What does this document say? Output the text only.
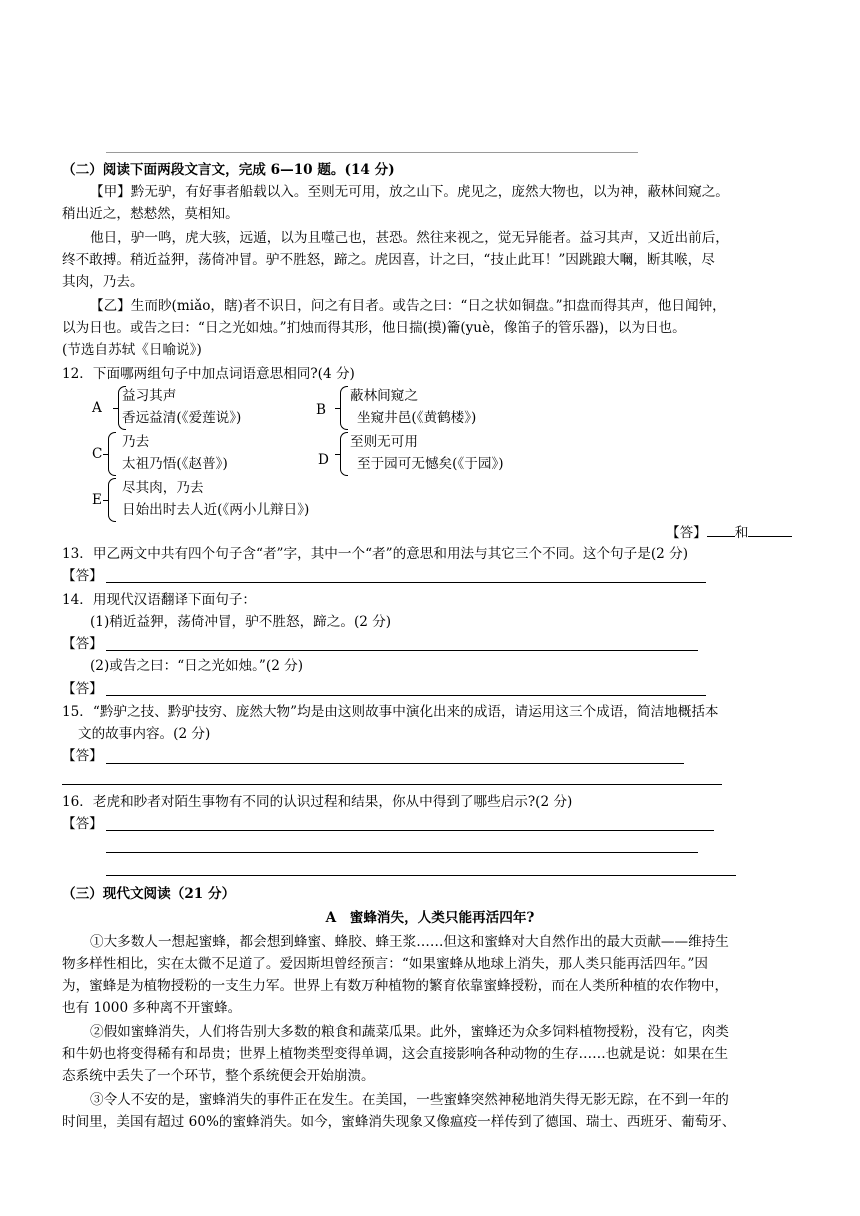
（二）阅读下面两段文言文，完成 6—10 题。(14 分)
【甲】黔无驴，有好事者船载以入。至则无可用，放之山下。虎见之，庞然大物也，以为神，蔽林间窥之。
稍出近之，慭慭然，莫相知。
他日，驴一鸣，虎大骇，远遁，以为且噬己也，甚恐。然往来视之，觉无异能者。益习其声，又近出前后，
终不敢搏。稍近益狎，荡倚冲冒。驴不胜怒，蹄之。虎因喜，计之曰，“技止此耳！”因跳踉大㘎，断其喉，尽
其肉，乃去。
【乙】生而眇(miǎo，瞎)者不识日，问之有目者。或告之曰：“日之状如铜盘。”扣盘而得其声，他日闻钟，
以为日也。或告之曰：“日之光如烛。”扪烛而得其形，他日揣(摸)籥(yuè，像笛子的管乐器)，以为日也。
(节选自苏轼《日喻说》)
12．下面哪两组句子中加点词语意思相同?(4 分)
A
益习其声
香远益清(《爱莲说》)	B
蔽林间窥之
坐窥井邑(《黄鹤楼》)
C
乃去
太祖乃悟(《赵普》)	D
至则无可用
至于园可无憾矣(《于园》)
E
尽其肉，乃去
日始出时去人近(《两小儿辩日》)
【答】 和
13．甲乙两文中共有四个句子含“者”字，其中一个“者”的意思和用法与其它三个不同。这个句子是(2 分)
【答】
14．用现代汉语翻译下面句子：
(1)稍近益狎，荡倚冲冒，驴不胜怒，蹄之。(2 分)
【答】
(2)或告之曰：“日之光如烛。”(2 分)
【答】
15．“黔驴之技、黔驴技穷、庞然大物”均是由这则故事中演化出来的成语，请运用这三个成语，简洁地概括本
文的故事内容。(2 分)
【答】
16．老虎和眇者对陌生事物有不同的认识过程和结果，你从中得到了哪些启示?(2 分)
【答】
（三）现代文阅读（21 分）
A　蜜蜂消失，人类只能再活四年?
①大多数人一想起蜜蜂，都会想到蜂蜜、蜂胶、蜂王浆……但这和蜜蜂对大自然作出的最大贡献——维持生
物多样性相比，实在太微不足道了。爱因斯坦曾经预言：“如果蜜蜂从地球上消失，那人类只能再活四年。”因
为，蜜蜂是为植物授粉的一支生力军。世界上有数万种植物的繁育依靠蜜蜂授粉，而在人类所种植的农作物中，
也有 1000 多种离不开蜜蜂。
②假如蜜蜂消失，人们将告别大多数的粮食和蔬菜瓜果。此外，蜜蜂还为众多饲料植物授粉，没有它，肉类
和牛奶也将变得稀有和昂贵；世界上植物类型变得单调，这会直接影响各种动物的生存……也就是说：如果在生
态系统中丢失了一个环节，整个系统便会开始崩溃。
③令人不安的是，蜜蜂消失的事件正在发生。在美国，一些蜜蜂突然神秘地消失得无影无踪，在不到一年的
时间里，美国有超过 60%的蜜蜂消失。如今，蜜蜂消失现象又像瘟疫一样传到了德国、瑞士、西班牙、葡萄牙、
